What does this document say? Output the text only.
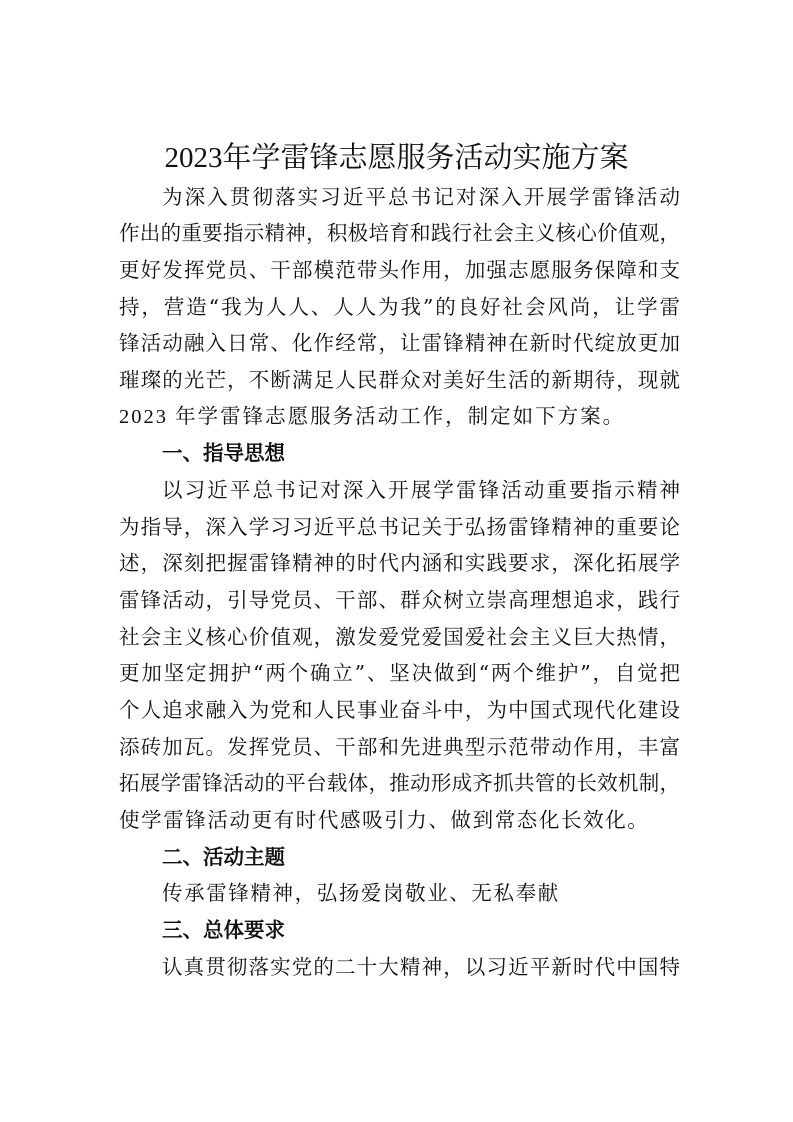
2023年学雷锋志愿服务活动实施方案
为深入贯彻落实习近平总书记对深入开展学雷锋活动
作出的重要指示精神，积极培育和践行社会主义核心价值观，
更好发挥党员、干部模范带头作用，加强志愿服务保障和支
持，营造“我为人人、人人为我”的良好社会风尚，让学雷
锋活动融入日常、化作经常，让雷锋精神在新时代绽放更加
璀璨的光芒，不断满足人民群众对美好生活的新期待，现就
2023 年学雷锋志愿服务活动工作，制定如下方案。
一、指导思想
以习近平总书记对深入开展学雷锋活动重要指示精神
为指导，深入学习习近平总书记关于弘扬雷锋精神的重要论
述，深刻把握雷锋精神的时代内涵和实践要求，深化拓展学
雷锋活动，引导党员、干部、群众树立崇高理想追求，践行
社会主义核心价值观，激发爱党爱国爱社会主义巨大热情，
更加坚定拥护“两个确立”、坚决做到“两个维护”，自觉把
个人追求融入为党和人民事业奋斗中，为中国式现代化建设
添砖加瓦。发挥党员、干部和先进典型示范带动作用，丰富
拓展学雷锋活动的平台载体，推动形成齐抓共管的长效机制，
使学雷锋活动更有时代感吸引力、做到常态化长效化。
二、活动主题
传承雷锋精神，弘扬爱岗敬业、无私奉献
三、总体要求
认真贯彻落实党的二十大精神，以习近平新时代中国特
